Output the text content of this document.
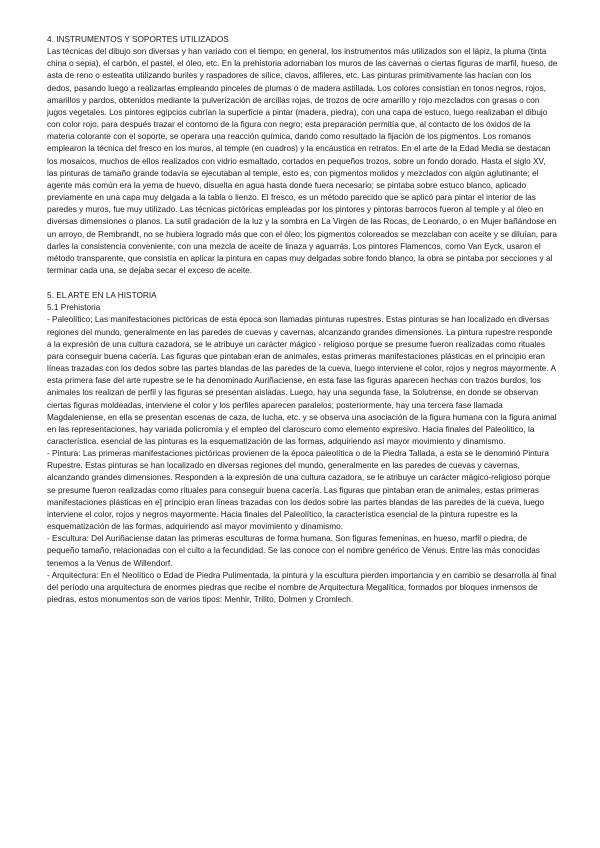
4. INSTRUMENTOS Y SOPORTES UTILIZADOS

Las técnicas del dibujo son diversas y han variado con el tiempo; en general, los instrumentos más utilizados son el lápiz, la pluma (tinta china o sepia), el carbón, el pastel, el óleo, etc. En la prehistoria adornaban los muros de las cavernas o ciertas figuras de marfil, hueso, de asta de reno o esteatita utilizando buriles y raspadores de sílice, clavos, alfileres, etc. Las pinturas primitivamente las hacían con los dedos, pasando luego a realizarlas empleando pinceles de plumas o de madera astillada. Los colores consistían en tonos negros, rojos, amarillos y pardos, obtenidos mediante la pulverización de arcillas rojas, de trozos de ocre amarillo y rojo mezclados con grasas o con jugos vegetales. Los pintores egipcios cubrían la superficie a pintar (madera, piedra), con una capa de estuco, luego realizaban el dibujo con color rojo, para después trazar el contorno de la figura con negro; esta preparación permitía que, al contacto de los óxidos de la materia colorante con el soporte, se operara una reacción química, dando como resultado la fijación de los pigmentos. Los romanos emplearon la técnica del fresco en los muros, al temple (en cuadros) y la encáustica en retratos. En el arte de la Edad Media se destacan los mosaicos, muchos de ellos realizados con vidrio esmaltado, cortados en pequeños trozos, sobre un fondo dorado. Hasta el siglo XV, las pinturas de tamaño grande todavía se ejecutaban al temple, esto es, con pigmentos molidos y mezclados con algún aglutinante; el agente más común era la yema de huevo, disuelta en agua hasta donde fuera necesario; se pintaba sobre estuco blanco, aplicado previamente en una capa muy delgada a la tabla o lienzo. El fresco, es un método parecido que se aplicó para pintar el interior de las paredes y muros, fue muy utilizado. Las técnicas pictóricas empleadas por los pintores y pintoras barrocos fueron al temple y al óleo en diversas dimensiones o planos. La sutil gradación de la luz y la sombra en La Virgen de las Rocas, de Leonardo, o en Mujer bañándose en un arroyo, de Rembrandt, no se hubiera logrado más que con el óleo; los pigmentos coloreados se mezclaban con aceite y se diluían, para darles la consistencia conveniente, con una mezcla de aceite de linaza y aguarrás. Los pintores Flamencos, como Van Eyck, usaron el método transparente, que consistía en aplicar la pintura en capas muy delgadas sobre fondo blanco, la obra se pintaba por secciones y al terminar cada una, se dejaba secar el exceso de aceite.

5. EL ARTE EN LA HISTORIA

5.1 Prehistoria

- Paleolítico; Las manifestaciones pictóricas de esta época son llamadas pinturas rupestres. Estas pinturas se han localizado en diversas regiones del mundo, generalmente en las paredes de cuevas y cavernas, alcanzando grandes dimensiones. La pintura rupestre responde a la expresión de una cultura cazadora, se le atribuye un carácter mágico - religioso porque se presume fueron realizadas como rituales para conseguir buena cacería. Las figuras que pintaban eran de animales, estas primeras manifestaciones plásticas en el principio eran líneas trazadas con los dedos sobre las partes blandas de las paredes de la cueva, luego interviene el color, rojos y negros mayormente. A esta primera fase del arte rupestre se le ha denominado Auriñaciense, en esta fase las figuras aparecen hechas con trazos burdos, los animales los realizan de perfil y las figuras se presentan aisladas. Luego, hay una segunda fase, la Solutrense, en donde se observan ciertas figuras moldeadas, interviene el color y los perfiles aparecen paralelos; posteriormente, hay una tercera fase llamada Magdaleniense, en ella se presentan escenas de caza, de lucha, etc. y se observa una asociación de la figura humana con la figura animal en las representaciones, hay variada policromía y el empleo del claroscuro como elemento expresivo. Hacia finales del Paleolítico, la característica. esencial de las pinturas es la esquematización de las formas, adquiriendo así mayor movimiento y dinamismo.

- Pintura: Las primeras manifestaciones pictóricas provienen de la época paleolítica o de la Piedra Tallada, a esta se le denominó Pintura Rupestre. Estas pinturas se han localizado en diversas regiones del mundo, generalmente en las paredes de cuevas y cavernas, alcanzando grandes dimensiones. Responden a la expresión de una cultura cazadora, se le atribuye un carácter mágico-religioso porque se presume fueron realizadas como rituales para conseguir buena cacería. Las figuras que pintaban eran de animales, estas primeras manifestaciones plásticas en e] principio eran líneas trazadas con los dedos sobre las partes blandas de las paredes de la cueva, luego interviene el color, rojos y negros mayormente. Hacia finales del Paleolítico, la característica esencial de la pintura rupestre es la esquematización de las formas, adquiriendo así mayor movimiento y dinamismo.

- Escultura: Del Auriñaciense datan las primeras esculturas de forma humana. Son figuras femeninas, en hueso, marfil o piedra, de pequeño tamaño, relacionadas con el culto a la fecundidad. Se las conoce con el nombre genérico de Venus. Entre las más conocidas tenemos a la Venus de Willendorf.

- Arquitectura: En el Neolítico o Edad de Piedra Pulimentada, la pintura y la escultura pierden importancia y en cambio se desarrolla al final del período una arquitectura de enormes piedras que recibe el nombre de Arquitectura Megalítica, formados por bloques inmensos de piedras, estos monumentos son de varios tipos: Menhir, Trilito, Dolmen y Cromlech.
